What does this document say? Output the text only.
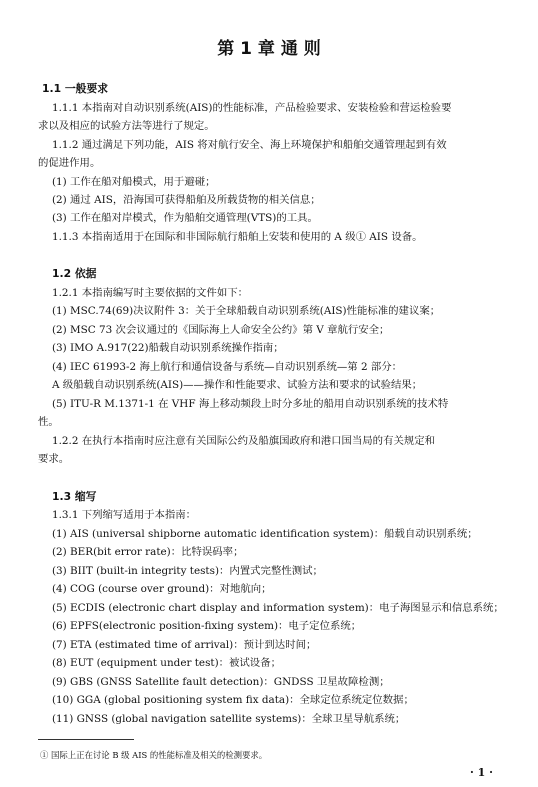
第 1 章 通 则
1.1 一般要求
1.1.1 本指南对自动识别系统(AIS)的性能标准，产品检验要求、安装检验和营运检验要
求以及相应的试验方法等进行了规定。
1.1.2 通过满足下列功能，AIS 将对航行安全、海上环境保护和船舶交通管理起到有效
的促进作用。
(1) 工作在船对船模式，用于避碰；
(2) 通过 AIS，沿海国可获得船舶及所载货物的相关信息；
(3) 工作在船对岸模式，作为船舶交通管理(VTS)的工具。
1.1.3 本指南适用于在国际和非国际航行船舶上安装和使用的 A 级① AIS 设备。
1.2 依据
1.2.1 本指南编写时主要依据的文件如下：
(1) MSC.74(69)决议附件 3：关于全球船载自动识别系统(AIS)性能标准的建议案；
(2) MSC 73 次会议通过的《国际海上人命安全公约》第 V 章航行安全；
(3) IMO A.917(22)船载自动识别系统操作指南；
(4) IEC 61993-2 海上航行和通信设备与系统—自动识别系统—第 2 部分：
A 级船载自动识别系统(AIS)——操作和性能要求、试验方法和要求的试验结果；
(5) ITU-R M.1371-1 在 VHF 海上移动频段上时分多址的船用自动识别系统的技术特
性。
1.2.2 在执行本指南时应注意有关国际公约及船旗国政府和港口国当局的有关规定和
要求。
1.3 缩写
1.3.1 下列缩写适用于本指南：
(1) AIS (universal shipborne automatic identification system)：船载自动识别系统；
(2) BER(bit error rate)：比特误码率；
(3) BIIT (built-in integrity tests)：内置式完整性测试；
(4) COG (course over ground)：对地航向；
(5) ECDIS (electronic chart display and information system)：电子海图显示和信息系统；
(6) EPFS(electronic position-fixing system)：电子定位系统；
(7) ETA (estimated time of arrival)：预计到达时间；
(8) EUT (equipment under test)：被试设备；
(9) GBS (GNSS Satellite fault detection)：GNDSS 卫星故障检测；
(10) GGA (global positioning system fix data)：全球定位系统定位数据；
(11) GNSS (global navigation satellite systems)：全球卫星导航系统；
① 国际上正在讨论 B 级 AIS 的性能标准及相关的检测要求。
· 1 ·
